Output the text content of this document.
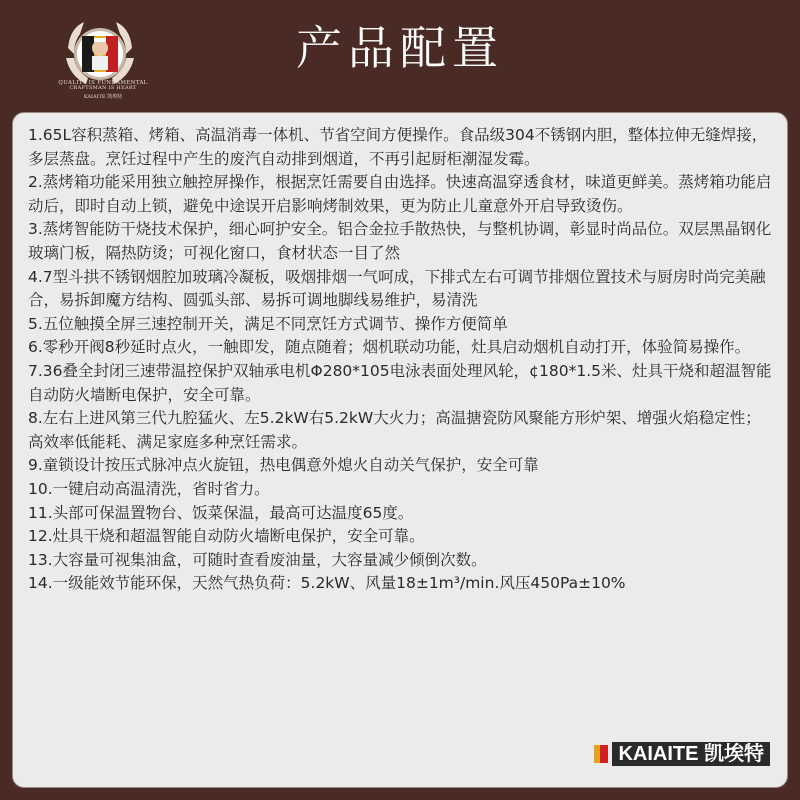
QUALITY IS FUNDAMENTAL
CRAFTSMAN IS HEART
KAIAITE 凯埃特
产品配置

1.65L容积蒸箱、烤箱、高温消毒一体机、节省空间方便操作。食品级304不锈钢内胆，整体拉伸无缝焊接，多层蒸盘。烹饪过程中产生的废汽自动排到烟道，不再引起厨柜潮湿发霉。

2.蒸烤箱功能采用独立触控屏操作，根据烹饪需要自由选择。快速高温穿透食材，味道更鲜美。蒸烤箱功能启动后，即时自动上锁，避免中途误开启影响烤制效果，更为防止儿童意外开启导致烫伤。

3.蒸烤智能防干烧技术保护，细心呵护安全。铝合金拉手散热快，与整机协调，彰显时尚品位。双层黑晶钢化玻璃门板，隔热防烫；可视化窗口，食材状态一目了然

4.7型斗拱不锈钢烟腔加玻璃冷凝板，吸烟排烟一气呵成，下排式左右可调节排烟位置技术与厨房时尚完美融合，易拆卸魔方结构、圆弧头部、易拆可调地脚线易维护，易清洗

5.五位触摸全屏三速控制开关，满足不同烹饪方式调节、操作方便简单

6.零秒开阀8秒延时点火，一触即发，随点随着；烟机联动功能，灶具启动烟机自动打开，体验简易操作。

7.36叠全封闭三速带温控保护双轴承电机Φ280*105电泳表面处理风轮，¢180*1.5米、灶具干烧和超温智能自动防火墙断电保护，安全可靠。

8.左右上进风第三代九腔猛火、左5.2kW右5.2kW大火力；高温搪瓷防风聚能方形炉架、增强火焰稳定性；高效率低能耗、满足家庭多种烹饪需求。

9.童锁设计按压式脉冲点火旋钮，热电偶意外熄火自动关气保护，安全可靠

10.一键启动高温清洗，省时省力。

11.头部可保温置物台、饭菜保温，最高可达温度65度。

12.灶具干烧和超温智能自动防火墙断电保护，安全可靠。

13.大容量可视集油盒，可随时查看废油量，大容量减少倾倒次数。

14.一级能效节能环保，天然气热负荷：5.2kW、风量18±1m³/min.风压450Pa±10%

KAIAITE 凯埃特
